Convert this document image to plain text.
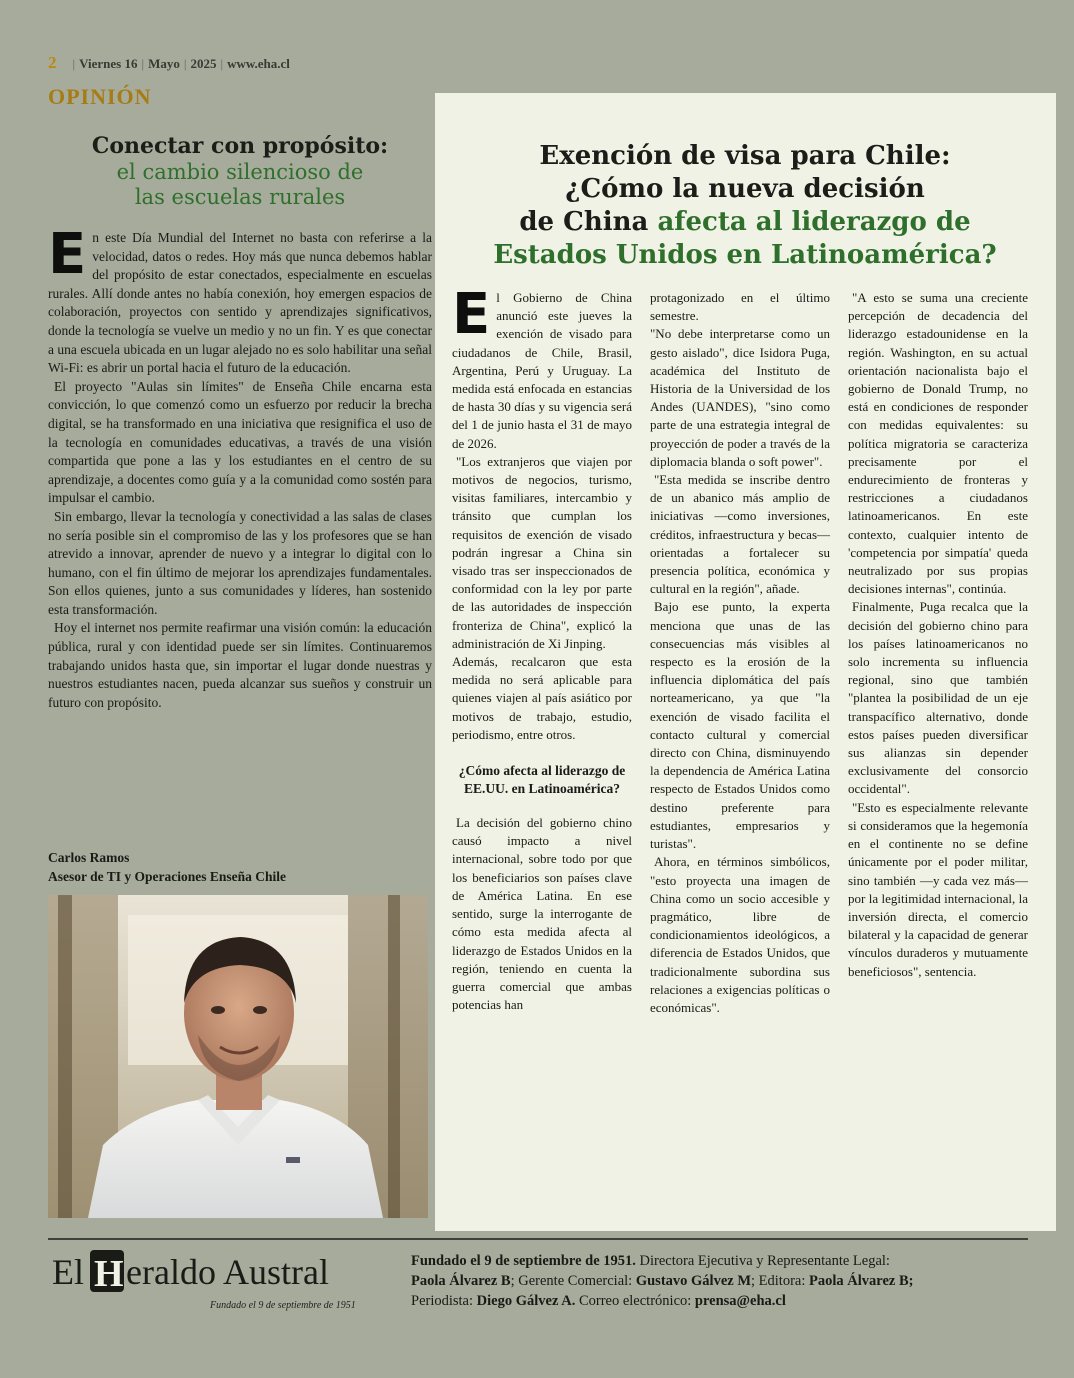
2 | Viernes 16 | Mayo | 2025 | www.eha.cl
OPINIÓN
Conectar con propósito:
el cambio silencioso de
las escuelas rurales

En este Día Mundial del Internet no basta con referirse a la velocidad, datos o redes. Hoy más que nunca debemos hablar del propósito de estar conectados, especialmente en escuelas rurales. Allí donde antes no había conexión, hoy emergen espacios de colaboración, proyectos con sentido y aprendizajes significativos, donde la tecnología se vuelve un medio y no un fin. Y es que conectar a una escuela ubicada en un lugar alejado no es solo habilitar una señal Wi-Fi: es abrir un portal hacia el futuro de la educación.

El proyecto "Aulas sin límites" de Enseña Chile encarna esta convicción, lo que comenzó como un esfuerzo por reducir la brecha digital, se ha transformado en una iniciativa que resignifica el uso de la tecnología en comunidades educativas, a través de una visión compartida que pone a las y los estudiantes en el centro de su aprendizaje, a docentes como guía y a la comunidad como sostén para impulsar el cambio.

Sin embargo, llevar la tecnología y conectividad a las salas de clases no sería posible sin el compromiso de las y los profesores que se han atrevido a innovar, aprender de nuevo y a integrar lo digital con lo humano, con el fin último de mejorar los aprendizajes fundamentales. Son ellos quienes, junto a sus comunidades y líderes, han sostenido esta transformación.

Hoy el internet nos permite reafirmar una visión común: la educación pública, rural y con identidad puede ser sin límites. Continuaremos trabajando unidos hasta que, sin importar el lugar donde nuestras y nuestros estudiantes nacen, pueda alcanzar sus sueños y construir un futuro con propósito.

Carlos Ramos
Asesor de TI y Operaciones Enseña Chile
Exención de visa para Chile:
¿Cómo la nueva decisión
de China afecta al liderazgo de
Estados Unidos en Latinoamérica?

El Gobierno de China anunció este jueves la exención de visado para ciudadanos de Chile, Brasil, Argentina, Perú y Uruguay. La medida está enfocada en estancias de hasta 30 días y su vigencia será del 1 de junio hasta el 31 de mayo de 2026.

"Los extranjeros que viajen por motivos de negocios, turismo, visitas familiares, intercambio y tránsito que cumplan los requisitos de exención de visado podrán ingresar a China sin visado tras ser inspeccionados de conformidad con la ley por parte de las autoridades de inspección fronteriza de China", explicó la administración de Xi Jinping.

Además, recalcaron que esta medida no será aplicable para quienes viajen al país asiático por motivos de trabajo, estudio, periodismo, entre otros.

¿Cómo afecta al liderazgo de EE.UU. en Latinoamérica?

La decisión del gobierno chino causó impacto a nivel internacional, sobre todo por que los beneficiarios son países clave de América Latina. En ese sentido, surge la interrogante de cómo esta medida afecta al liderazgo de Estados Unidos en la región, teniendo en cuenta la guerra comercial que ambas potencias han

protagonizado en el último semestre.

"No debe interpretarse como un gesto aislado", dice Isidora Puga, académica del Instituto de Historia de la Universidad de los Andes (UANDES), "sino como parte de una estrategia integral de proyección de poder a través de la diplomacia blanda o soft power".

"Esta medida se inscribe dentro de un abanico más amplio de iniciativas —como inversiones, créditos, infraestructura y becas— orientadas a fortalecer su presencia política, económica y cultural en la región", añade.

Bajo ese punto, la experta menciona que unas de las consecuencias más visibles al respecto es la erosión de la influencia diplomática del país norteamericano, ya que "la exención de visado facilita el contacto cultural y comercial directo con China, disminuyendo la dependencia de América Latina respecto de Estados Unidos como destino preferente para estudiantes, empresarios y turistas".

Ahora, en términos simbólicos, "esto proyecta una imagen de China como un socio accesible y pragmático, libre de condicionamientos ideológicos, a diferencia de Estados Unidos, que tradicionalmente subordina sus relaciones a exigencias políticas o económicas".

"A esto se suma una creciente percepción de decadencia del liderazgo estadounidense en la región. Washington, en su actual orientación nacionalista bajo el gobierno de Donald Trump, no está en condiciones de responder con medidas equivalentes: su política migratoria se caracteriza precisamente por el endurecimiento de fronteras y restricciones a ciudadanos latinoamericanos. En este contexto, cualquier intento de 'competencia por simpatía' queda neutralizado por sus propias decisiones internas", continúa.

Finalmente, Puga recalca que la decisión del gobierno chino para los países latinoamericanos no solo incrementa su influencia regional, sino que también "plantea la posibilidad de un eje transpacífico alternativo, donde estos países pueden diversificar sus alianzas sin depender exclusivamente del consorcio occidental".

"Esto es especialmente relevante si consideramos que la hegemonía en el continente no se define únicamente por el poder militar, sino también —y cada vez más— por la legitimidad internacional, la inversión directa, el comercio bilateral y la capacidad de generar vínculos duraderos y mutuamente beneficiosos", sentencia.

El H eraldo Austral
Fundado el 9 de septiembre de 1951
Fundado el 9 de septiembre de 1951. Directora Ejecutiva y Representante Legal:
Paola Álvarez B; Gerente Comercial: Gustavo Gálvez M; Editora: Paola Álvarez B;
Periodista: Diego Gálvez A. Correo electrónico: prensa@eha.cl
